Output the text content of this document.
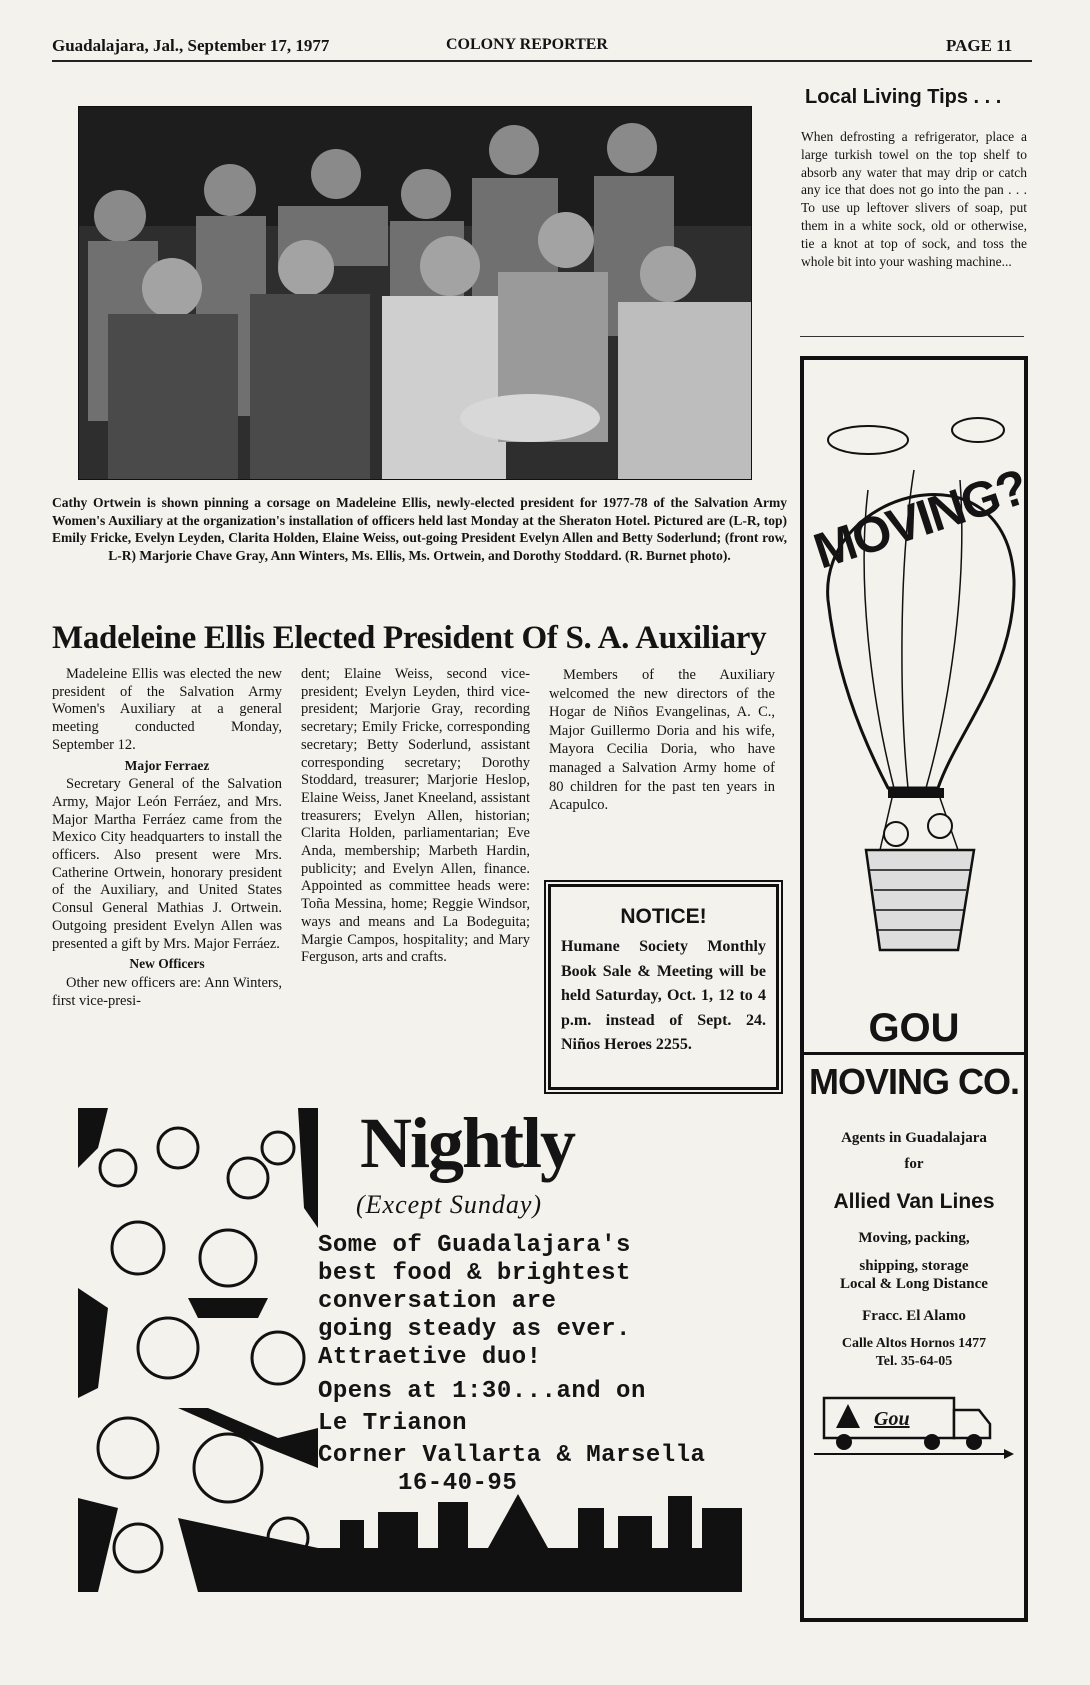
Guadalajara, Jal., September 17, 1977	COLONY REPORTER	PAGE 11
Local Living Tips . . .
When defrosting a refrigerator, place a large turkish towel on the top shelf to absorb any water that may drip or catch any ice that does not go into the pan . . . To use up leftover slivers of soap, put them in a white sock, old or otherwise, tie a knot at top of sock, and toss the whole bit into your washing machine...
Cathy Ortwein is shown pinning a corsage on Madeleine Ellis, newly-elected president for 1977-78 of the Salvation Army Women's Auxiliary at the organization's installation of officers held last Monday at the Sheraton Hotel. Pictured are (L-R, top) Emily Fricke, Evelyn Leyden, Clarita Holden, Elaine Weiss, out-going President Evelyn Allen and Betty Soderlund; (front row, L-R) Marjorie Chave Gray, Ann Winters, Ms. Ellis, Ms. Ortwein, and Dorothy Stoddard. (R. Burnet photo).
Madeleine Ellis Elected President Of S. A. Auxiliary

Madeleine Ellis was elected the new president of the Salvation Army Women's Auxiliary at a general meeting conducted Monday, September 12.

Major Ferraez

Secretary General of the Salvation Army, Major León Ferráez, and Mrs. Major Martha Ferráez came from the Mexico City headquarters to install the officers. Also present were Mrs. Catherine Ortwein, honorary president of the Auxiliary, and United States Consul General Mathias J. Ortwein. Outgoing president Evelyn Allen was presented a gift by Mrs. Major Ferráez.

New Officers

Other new officers are: Ann Winters, first vice-presi-

dent; Elaine Weiss, second vice-president; Evelyn Leyden, third vice-president; Marjorie Gray, recording secretary; Emily Fricke, corresponding secretary; Betty Soderlund, assistant corresponding secretary; Dorothy Stoddard, treasurer; Marjorie Heslop, Elaine Weiss, Janet Kneeland, assistant treasurers; Evelyn Allen, historian; Clarita Holden, parliamentarian; Eve Anda, membership; Marbeth Hardin, publicity; and Evelyn Allen, finance. Appointed as committee heads were: Toña Messina, home; Reggie Windsor, ways and means and La Bodeguita; Margie Campos, hospitality; and Mary Ferguson, arts and crafts.

Members of the Auxiliary welcomed the new directors of the Hogar de Niños Evangelinas, A. C., Major Guillermo Doria and his wife, Mayora Cecilia Doria, who have managed a Salvation Army home of 80 children for the past ten years in Acapulco.

NOTICE!
Humane Society Monthly Book Sale & Meeting will be held Saturday, Oct. 1, 12 to 4 p.m. instead of Sept. 24. Niños Heroes 2255.
MOVING?
GOU
MOVING CO.
Agents in Guadalajara
for
Allied Van Lines
Moving, packing,
shipping, storage
Local & Long Distance
Fracc. El Alamo
Calle Altos Hornos 1477
Tel. 35-64-05
Gou
Nightly
(Except Sunday)
Some of Guadalajara's
best food & brightest
conversation are
going steady as ever.
Attraetive duo!
Opens at 1:30...and on
Le Trianon
Corner Vallarta & Marsella
16-40-95
